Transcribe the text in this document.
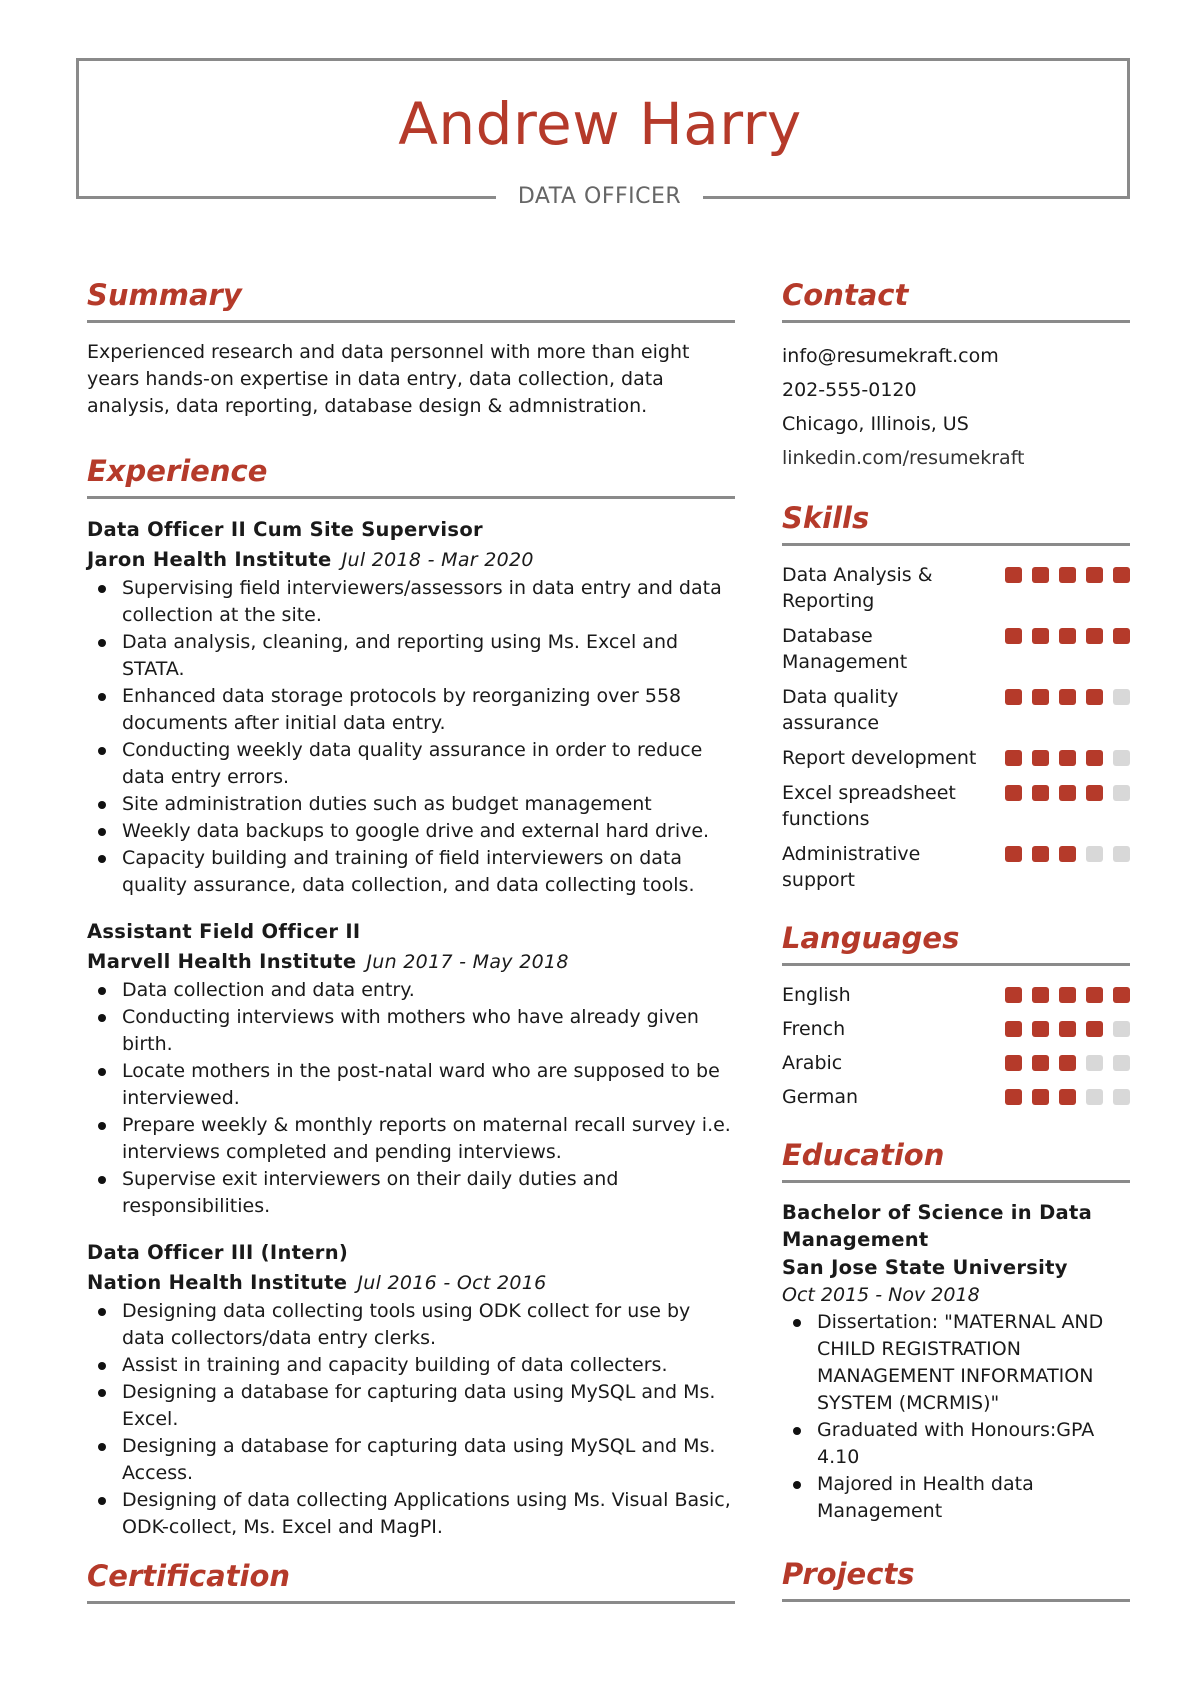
Andrew Harry
DATA OFFICER
Summary

Experienced research and data personnel with more than eight years hands-on expertise in data entry, data collection, data analysis, data reporting, database design & admnistration.

Experience
Data Officer II Cum Site Supervisor
Jaron Health Institute Jul 2018 - Mar 2020
Supervising field interviewers/assessors in data entry and data collection at the site.
Data analysis, cleaning, and reporting using Ms. Excel and STATA.
Enhanced data storage protocols by reorganizing over 558 documents after initial data entry.
Conducting weekly data quality assurance in order to reduce data entry errors.
Site administration duties such as budget management
Weekly data backups to google drive and external hard drive.
Capacity building and training of field interviewers on data quality assurance, data collection, and data collecting tools.
Assistant Field Officer II
Marvell Health Institute Jun 2017 - May 2018
Data collection and data entry.
Conducting interviews with mothers who have already given birth.
Locate mothers in the post-natal ward who are supposed to be interviewed.
Prepare weekly & monthly reports on maternal recall survey i.e. interviews completed and pending interviews.
Supervise exit interviewers on their daily duties and responsibilities.
Data Officer III (Intern)
Nation Health Institute Jul 2016 - Oct 2016
Designing data collecting tools using ODK collect for use by data collectors/data entry clerks.
Assist in training and capacity building of data collecters.
Designing a database for capturing data using MySQL and Ms. Excel.
Designing a database for capturing data using MySQL and Ms. Access.
Designing of data collecting Applications using Ms. Visual Basic, ODK-collect, Ms. Excel and MagPI.
Certification
Contact
info@resumekraft.com
202-555-0120
Chicago, Illinois, US
linkedin.com/resumekraft
Skills
Data Analysis & Reporting
Database Management
Data quality assurance
Report development
Excel spreadsheet functions
Administrative support
Languages
English
French
Arabic
German
Education
Bachelor of Science in Data Management
San Jose State University
Oct 2015 - Nov 2018
Dissertation: "MATERNAL AND CHILD REGISTRATION MANAGEMENT INFORMATION SYSTEM (MCRMIS)"
Graduated with Honours:GPA 4.10
Majored in Health data Management
Projects
